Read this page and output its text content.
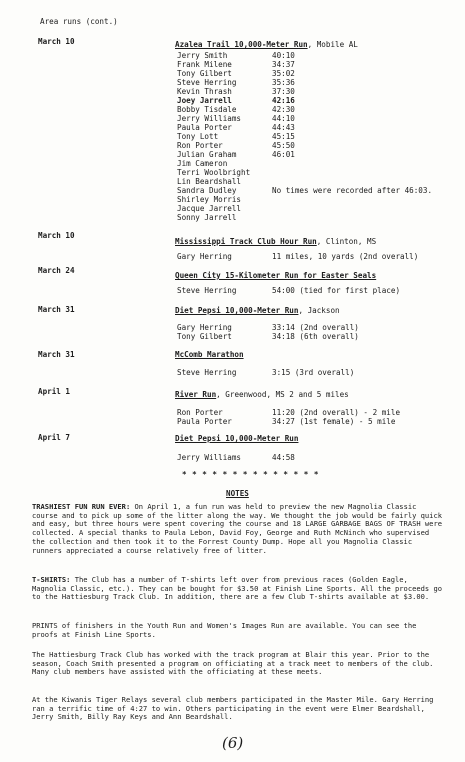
Area runs (cont.)
March 10	Azalea Trail 10,000-Meter Run, Mobile AL
Jerry Smith	40:10
Frank Milene	34:37
Tony Gilbert	35:02
Steve Herring	35:36
Kevin Thrash	37:30
Joey Jarrell	42:16
Bobby Tisdale	42:30
Jerry Williams	44:10
Paula Porter	44:43
Tony Lott	45:15
Ron Porter	45:50
Julian Graham	46:01
Jim Cameron
Terri Woolbright
Lin Beardshall
Sandra Dudley	No times were recorded after 46:03.
Shirley Morris
Jacque Jarrell
Sonny Jarrell
March 10
Mississippi Track Club Hour Run, Clinton, MS
Gary Herring	11 miles, 10 yards (2nd overall)
March 24
Queen City 15-Kilometer Run for Easter Seals
Steve Herring	54:00 (tied for first place)
March 31	Diet Pepsi 10,000-Meter Run, Jackson
Gary Herring	33:14 (2nd overall)
Tony Gilbert	34:18 (6th overall)
March 31	McComb Marathon
Steve Herring	3:15 (3rd overall)
April 1	River Run, Greenwood, MS 2 and 5 miles
Ron Porter	11:20 (2nd overall) - 2 mile
Paula Porter	34:27 (1st female) - 5 mile
April 7	Diet Pepsi 10,000-Meter Run
Jerry Williams	44:58
* * * * * * * * * * * * * *
NOTES
TRASHIEST FUN RUN EVER: On April 1, a fun run was held to preview the new Magnolia Classic course and to pick up some of the litter along the way. We thought the job would be fairly quick and easy, but three hours were spent covering the course and 18 LARGE GARBAGE BAGS OF TRASH were collected. A special thanks to Paula Lebon, David Foy, George and Ruth McNinch who supervised the collection and then took it to the Forrest County Dump. Hope all you Magnolia Classic runners appreciated a course relatively free of litter.
T-SHIRTS: The Club has a number of T-shirts left over from previous races (Golden Eagle, Magnolia Classic, etc.). They can be bought for $3.50 at Finish Line Sports. All the proceeds go to the Hattiesburg Track Club. In addition, there are a few Club T-shirts available at $3.00.
PRINTS of finishers in the Youth Run and Women's Images Run are available. You can see the proofs at Finish Line Sports.
The Hattiesburg Track Club has worked with the track program at Blair this year. Prior to the season, Coach Smith presented a program on officiating at a track meet to members of the club. Many club members have assisted with the officiating at these meets.
At the Kiwanis Tiger Relays several club members participated in the Master Mile. Gary Herring ran a terrific time of 4:27 to win. Others participating in the event were Elmer Beardshall, Jerry Smith, Billy Ray Keys and Ann Beardshall.
(6)
